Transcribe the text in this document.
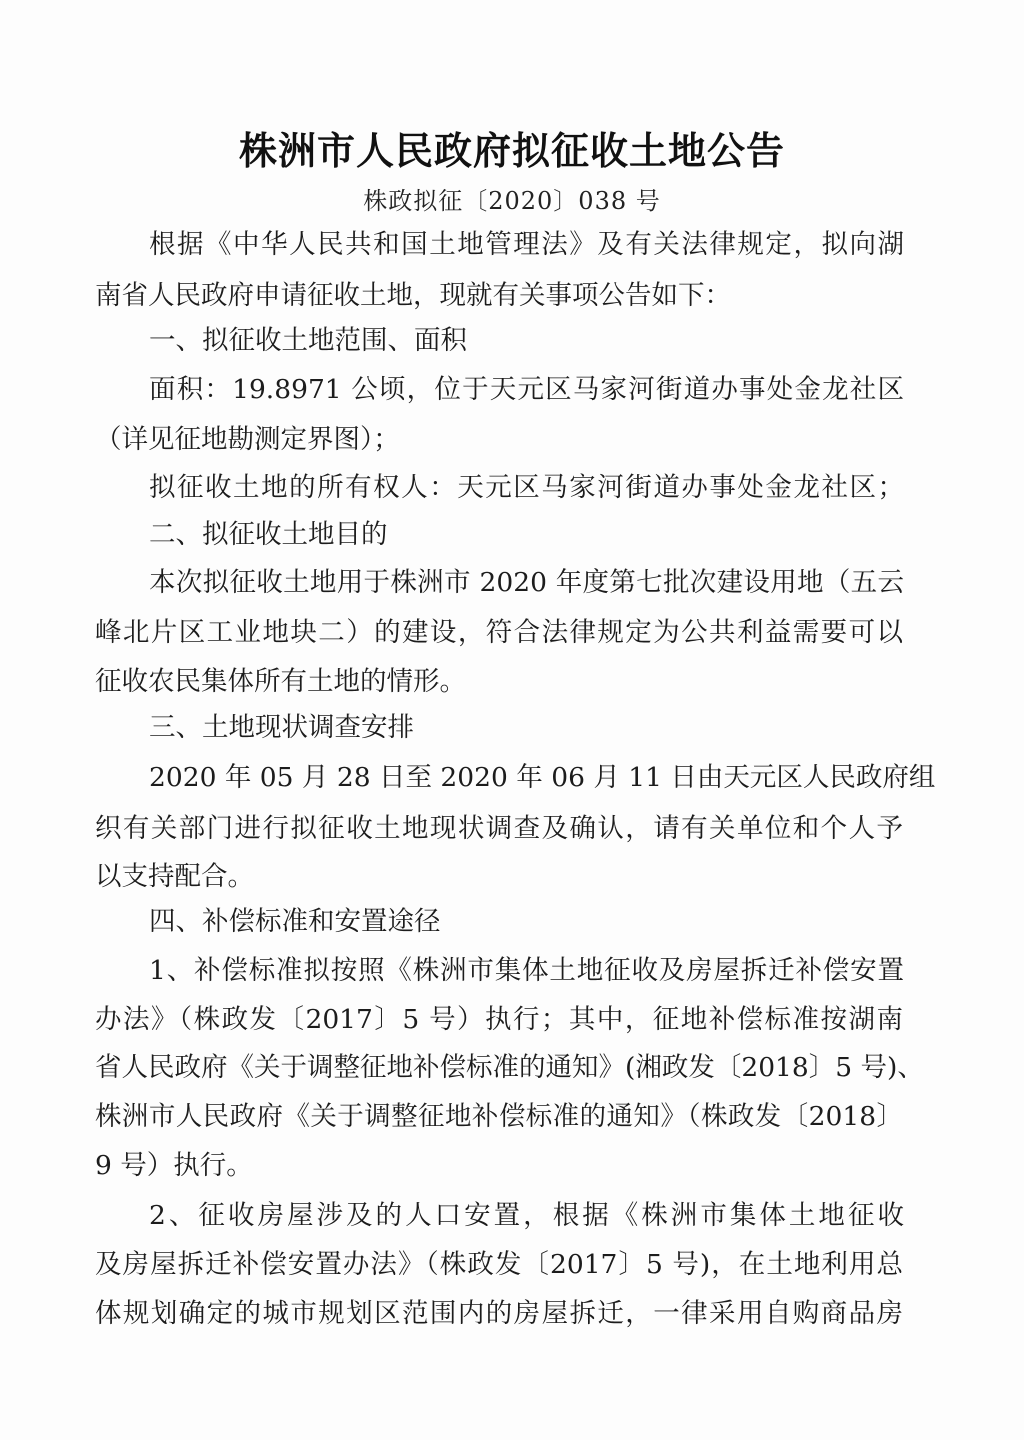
株洲市人民政府拟征收土地公告
株政拟征〔2020〕038 号
根据《中华人民共和国土地管理法》及有关法律规定，拟向湖
南省人民政府申请征收土地，现就有关事项公告如下：
一、拟征收土地范围、面积
面积：19.8971 公顷，位于天元区马家河街道办事处金龙社区
（详见征地勘测定界图）；
拟征收土地的所有权人：天元区马家河街道办事处金龙社区；
二、拟征收土地目的
本次拟征收土地用于株洲市 2020 年度第七批次建设用地（五云
峰北片区工业地块二）的建设，符合法律规定为公共利益需要可以
征收农民集体所有土地的情形。
三、土地现状调查安排
2020 年 05 月 28 日至 2020 年 06 月 11 日由天元区人民政府组
织有关部门进行拟征收土地现状调查及确认，请有关单位和个人予
以支持配合。
四、补偿标准和安置途径
1、补偿标准拟按照《株洲市集体土地征收及房屋拆迁补偿安置
办法》（株政发〔2017〕5 号）执行；其中，征地补偿标准按湖南
省人民政府《关于调整征地补偿标准的通知》(湘政发〔2018〕5 号)、
株洲市人民政府《关于调整征地补偿标准的通知》（株政发〔2018〕
9 号）执行。
2、征收房屋涉及的人口安置，根据《株洲市集体土地征收
及房屋拆迁补偿安置办法》（株政发〔2017〕5 号)，在土地利用总
体规划确定的城市规划区范围内的房屋拆迁，一律采用自购商品房
